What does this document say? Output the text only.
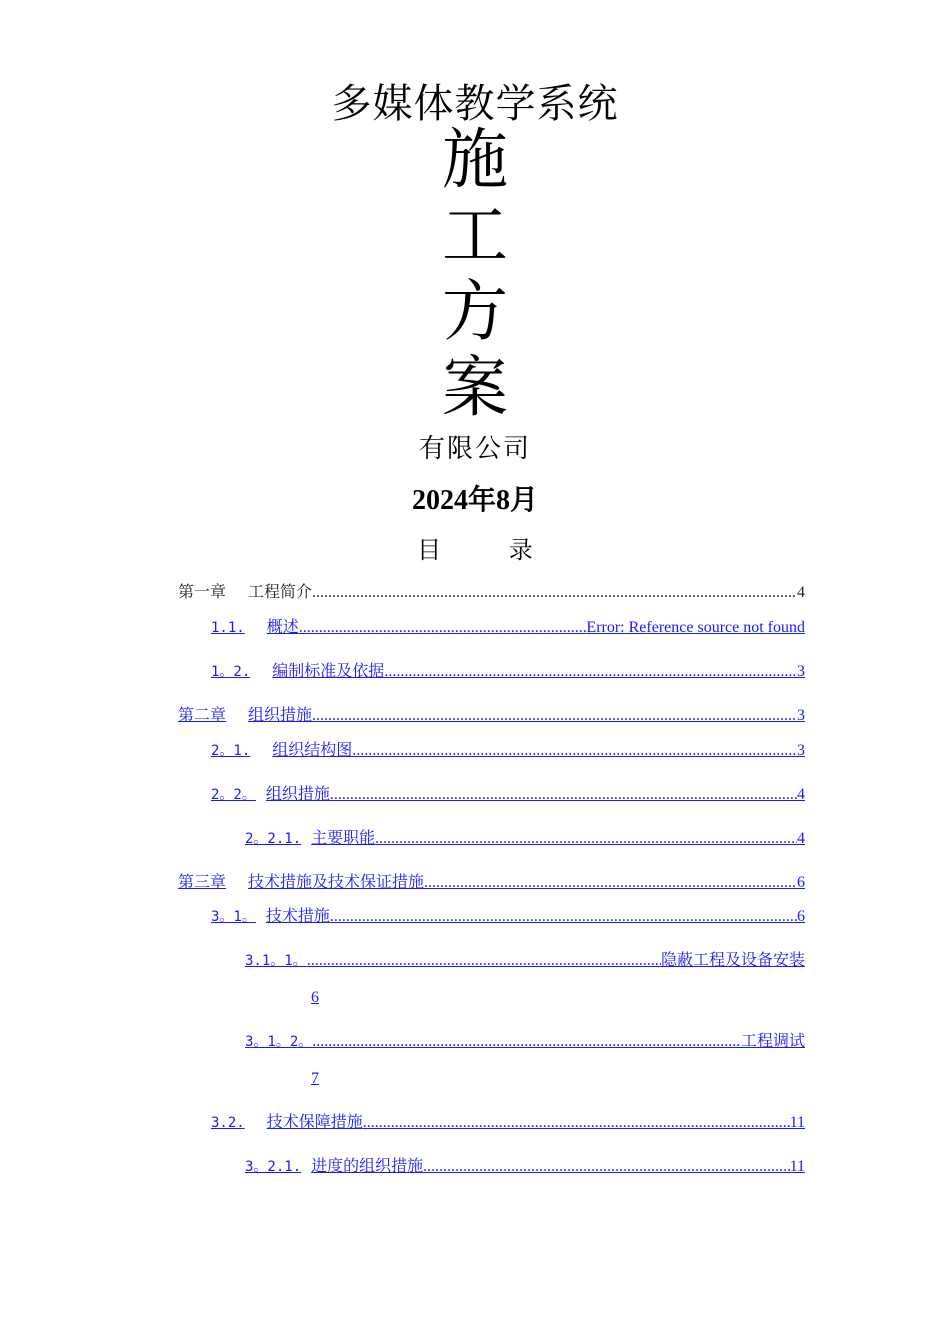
多媒体教学系统
施
工
方
案
有限公司
2024年8月
目 录
第一章 工程简介 .....	4
1.1. 概述 .....	Error: Reference source not found
1。2. 编制标准及依据 .....	3
第二章 组织措施 .....	3
2。1. 组织结构图 .....	3
2。2。 组织措施 .....	4
2。2.1. 主要职能 .....	4
第三章 技术措施及技术保证措施 .....	6
3。1。 技术措施 .....	6
3.1。1。 .....	隐蔽工程及设备安装
6
3。1。2。 .....	工程调试
7
3.2. 技术保障措施 .....	11
3。2.1. 进度的组织措施 .....	11
